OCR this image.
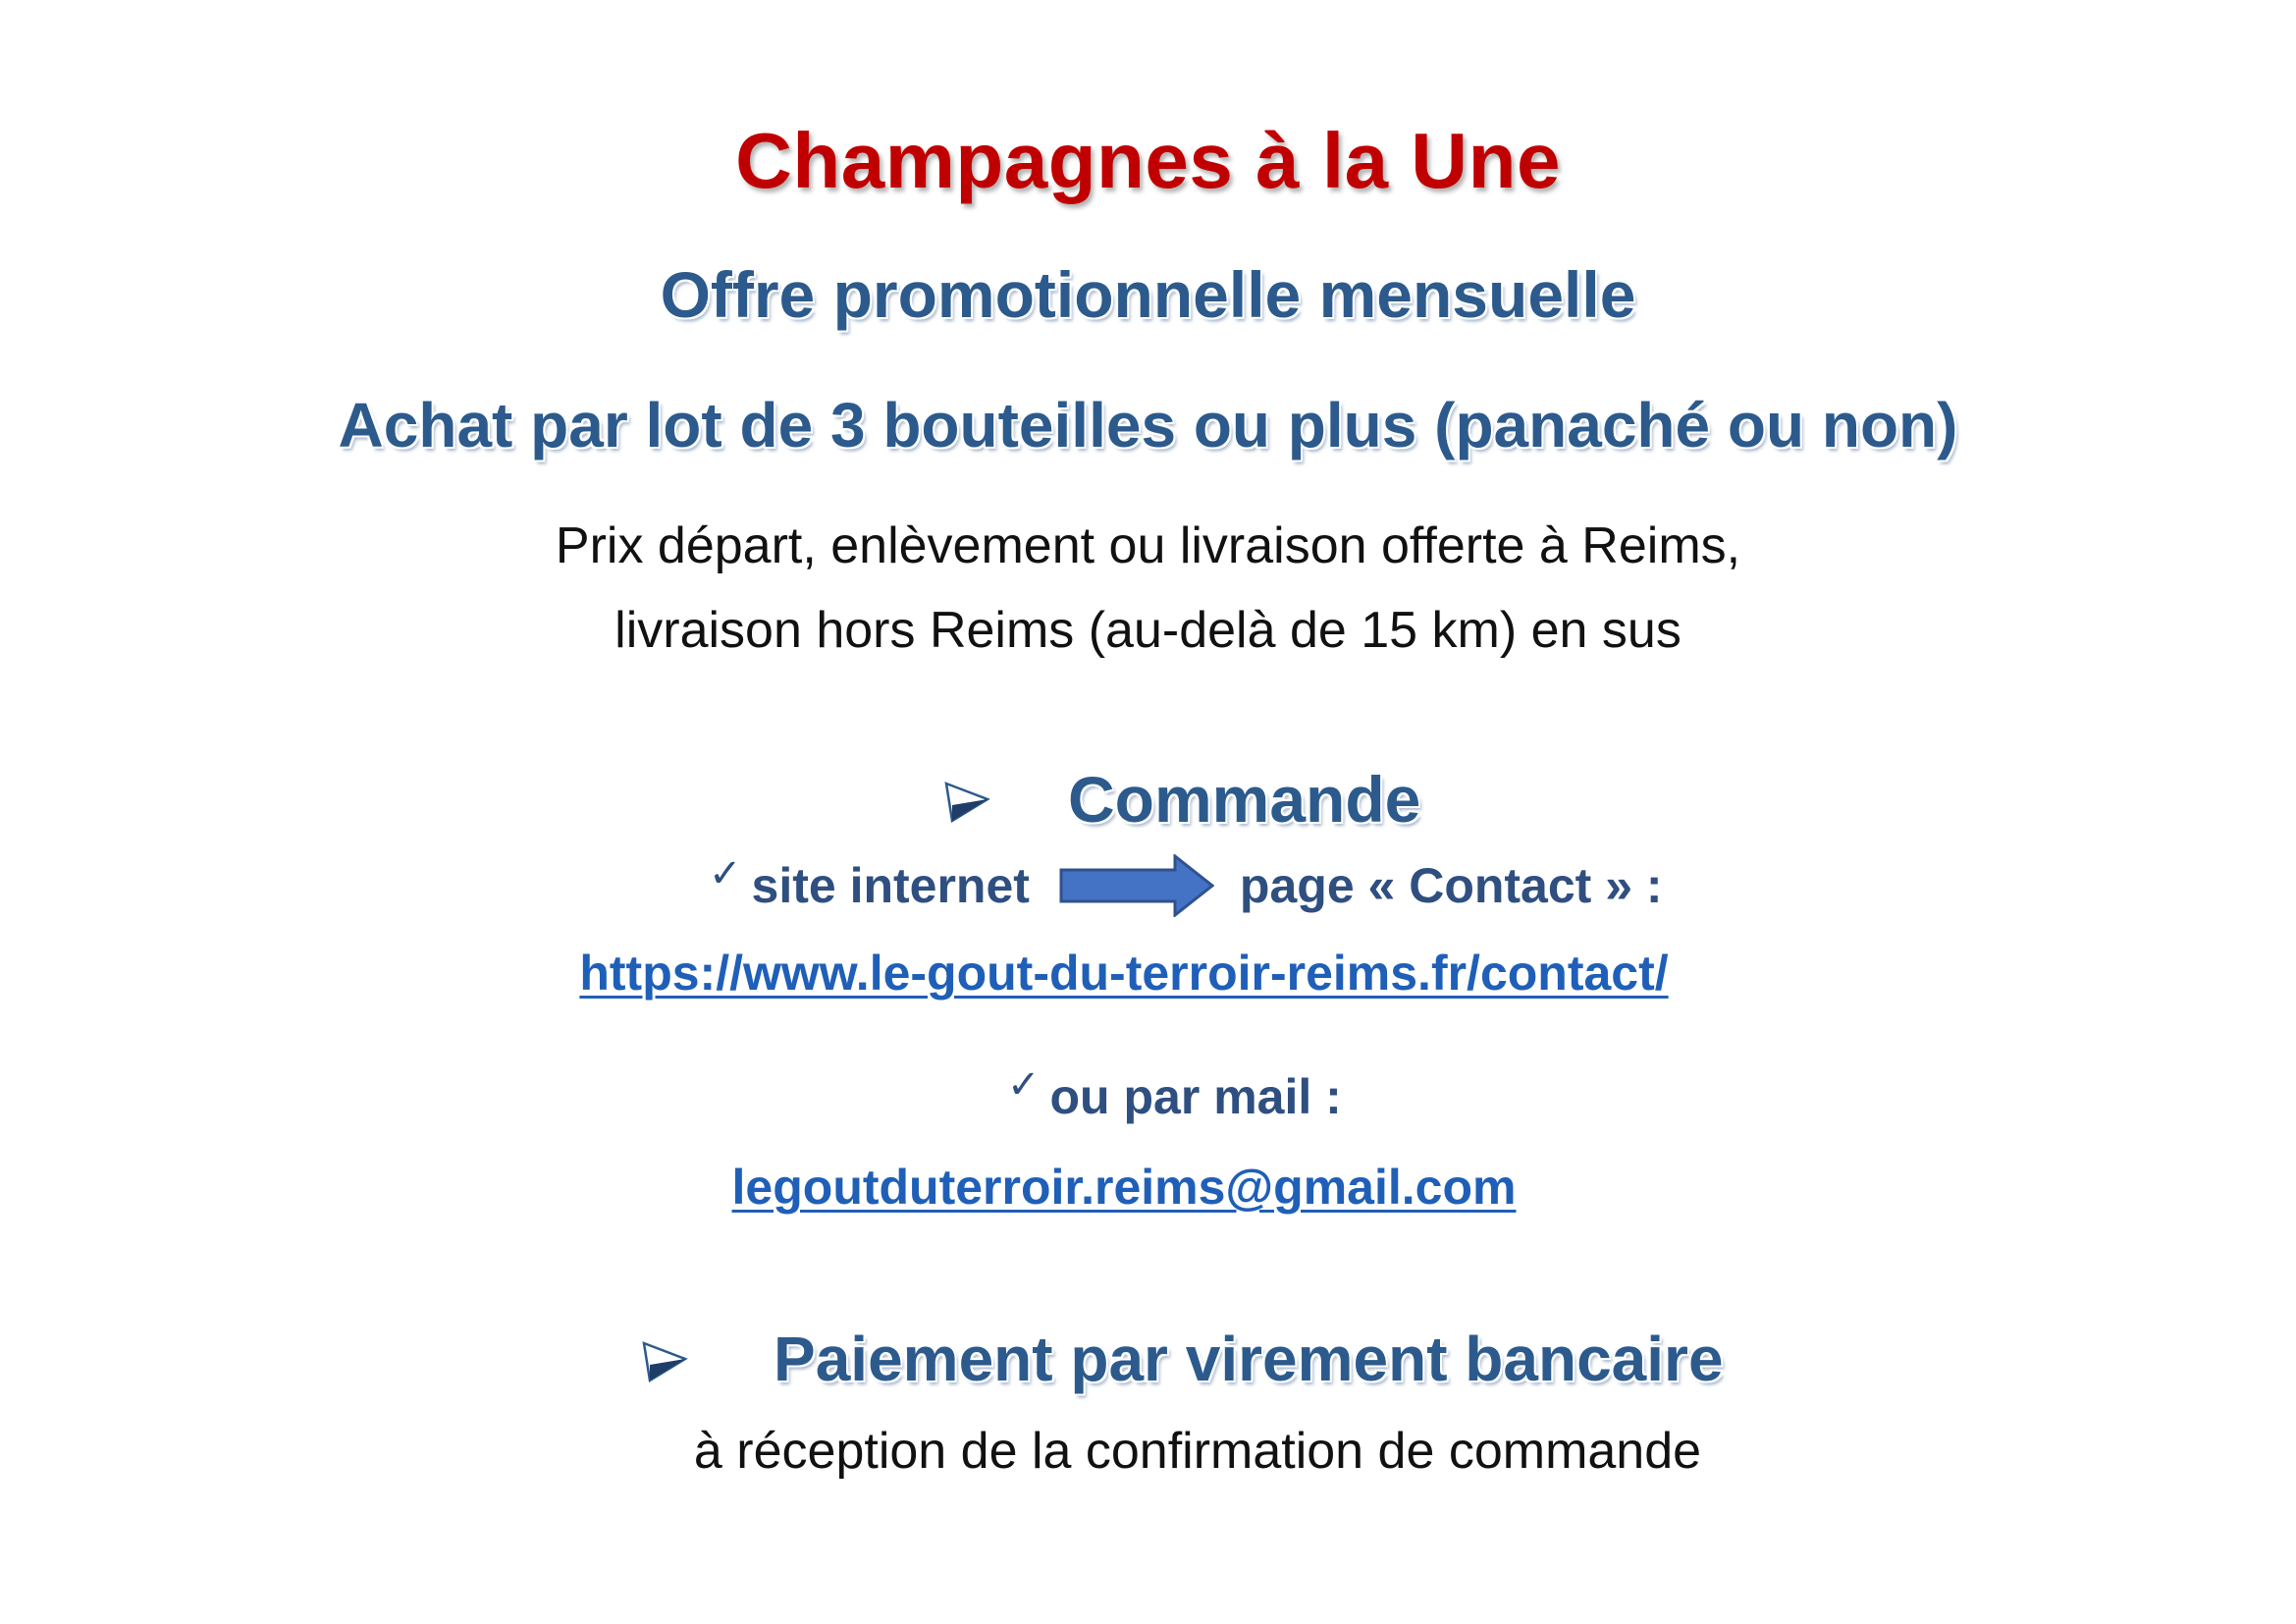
Champagnes à la Une
Offre promotionnelle mensuelle
Achat par lot de 3 bouteilles ou plus (panaché ou non)
Prix départ, enlèvement ou livraison offerte à Reims,
livraison hors Reims (au-delà de 15 km) en sus
Commande
✓ site internet	page « Contact » :
https://www.le-gout-du-terroir-reims.fr/contact/
✓ ou par mail :
legoutduterroir.reims@gmail.com
Paiement par virement bancaire
à réception de la confirmation de commande
